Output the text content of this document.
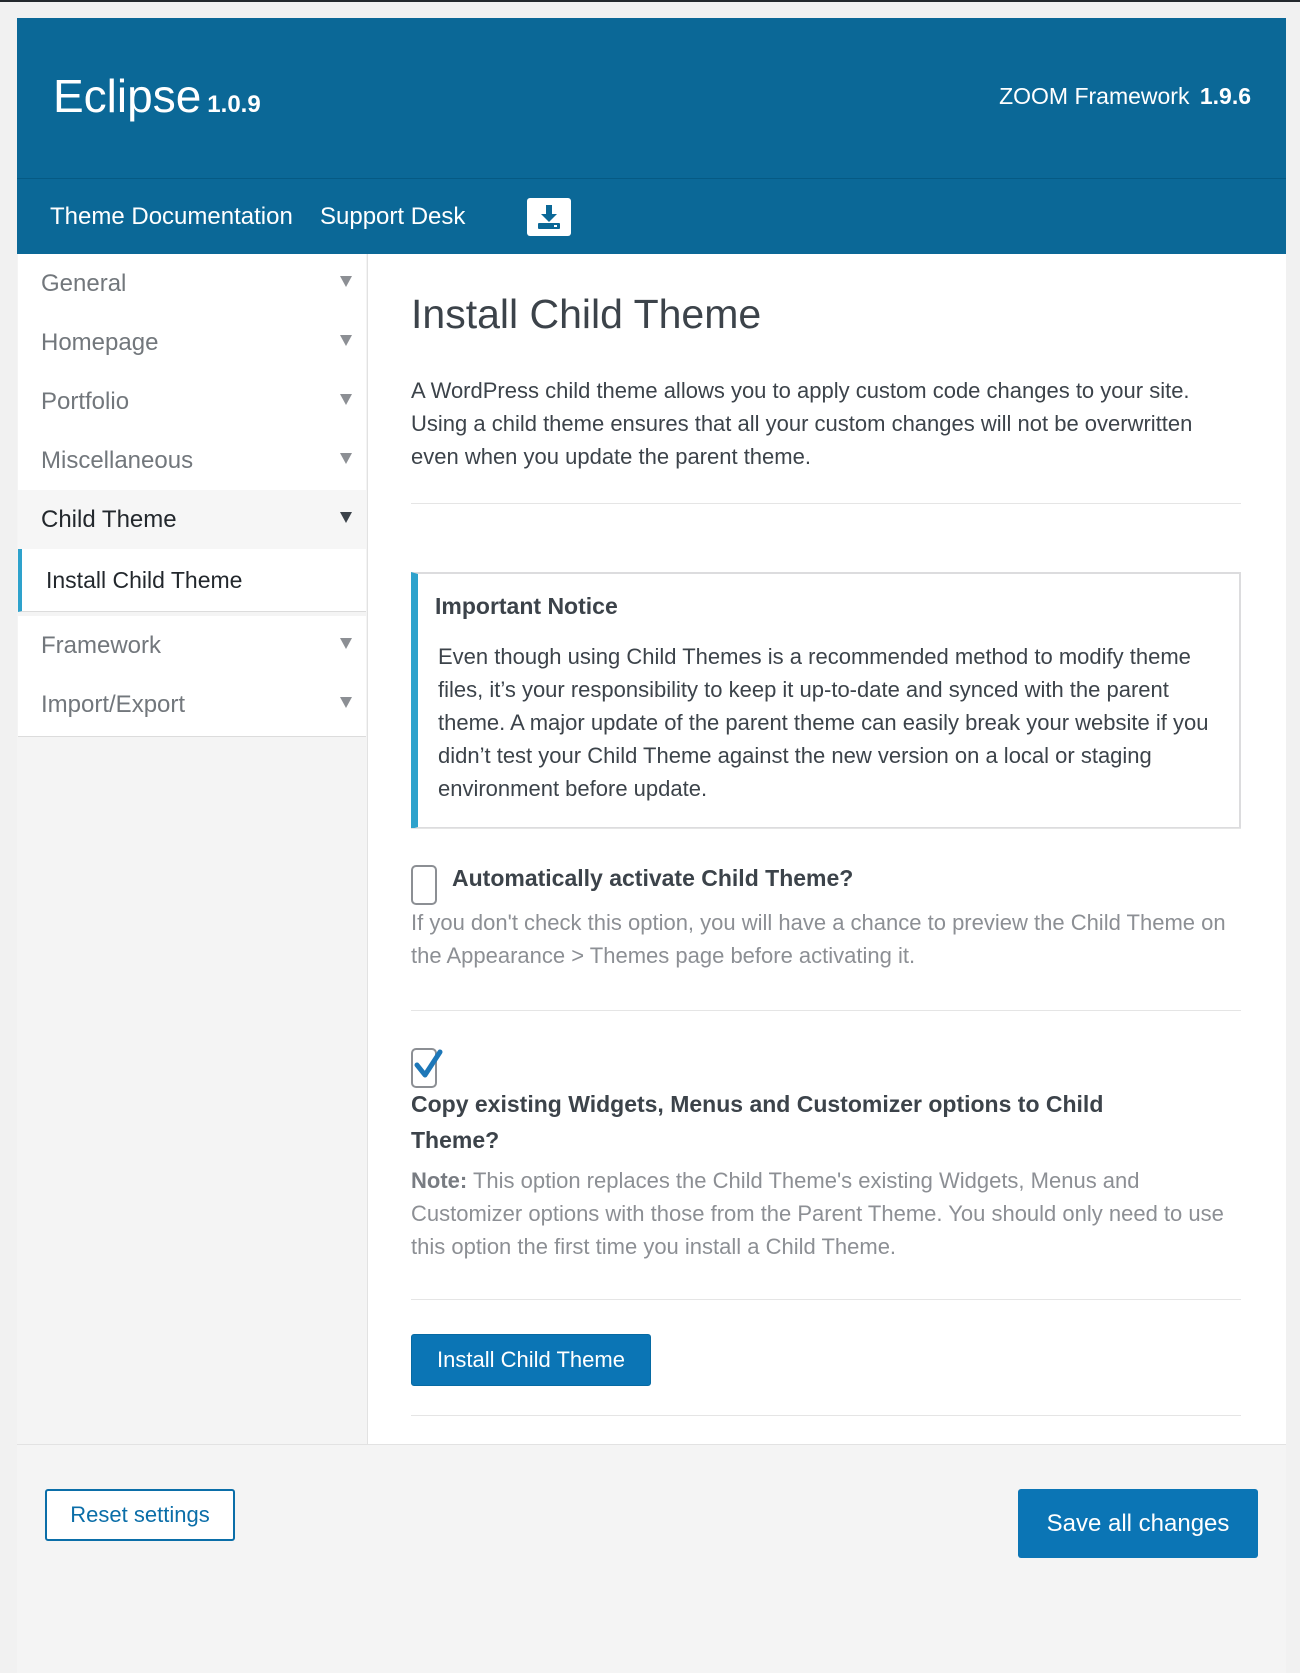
Eclipse 1.0.9	ZOOM Framework 1.9.6
Theme Documentation Support Desk
General
Homepage
Portfolio
Miscellaneous
Child Theme
Install Child Theme
Framework
Import/Export
Install Child Theme

A WordPress child theme allows you to apply custom code changes to your site. Using a child theme ensures that all your custom changes will not be overwritten even when you update the parent theme.

Important Notice

Even though using Child Themes is a recommended method to modify theme files, it’s your responsibility to keep it up-to-date and synced with the parent theme. A major update of the parent theme can easily break your website if you didn’t test your Child Theme against the new version on a local or staging environment before update.

Automatically activate Child Theme?

If you don't check this option, you will have a chance to preview the Child Theme on the Appearance > Themes page before activating it.

Copy existing Widgets, Menus and Customizer options to Child Theme?

Note: This option replaces the Child Theme's existing Widgets, Menus and Customizer options with those from the Parent Theme. You should only need to use this option the first time you install a Child Theme.

Install Child Theme
Reset settings	Save all changes
